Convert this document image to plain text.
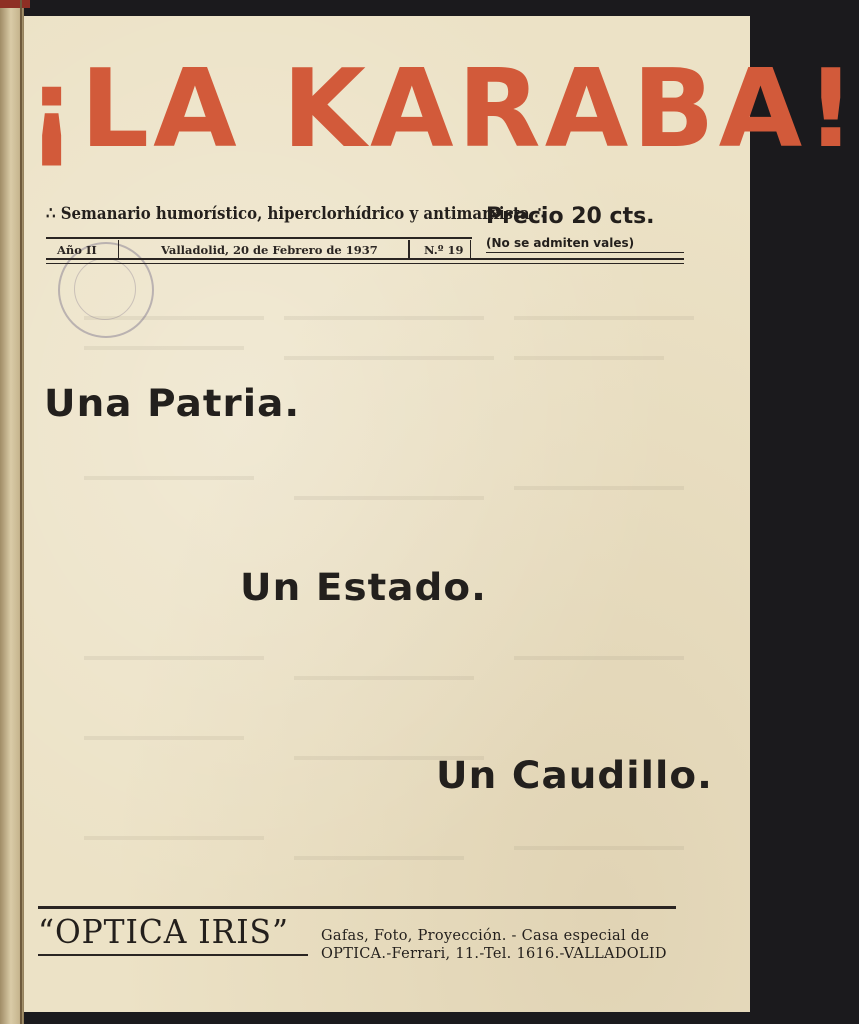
¡LA KARABA!
∴ Semanario humorístico, hiperclorhídrico y antimarxista ∴
Año II	Valladolid, 20 de Febrero de 1937	N.º 19
Precio 20 cts.
(No se admiten vales)
Una Patria.
Un Estado.
Un Caudillo.
“OPTICA IRIS” Gafas, Foto, Proyección. - Casa especial de
OPTICA.-Ferrari, 11.-Tel. 1616.-VALLADOLID
